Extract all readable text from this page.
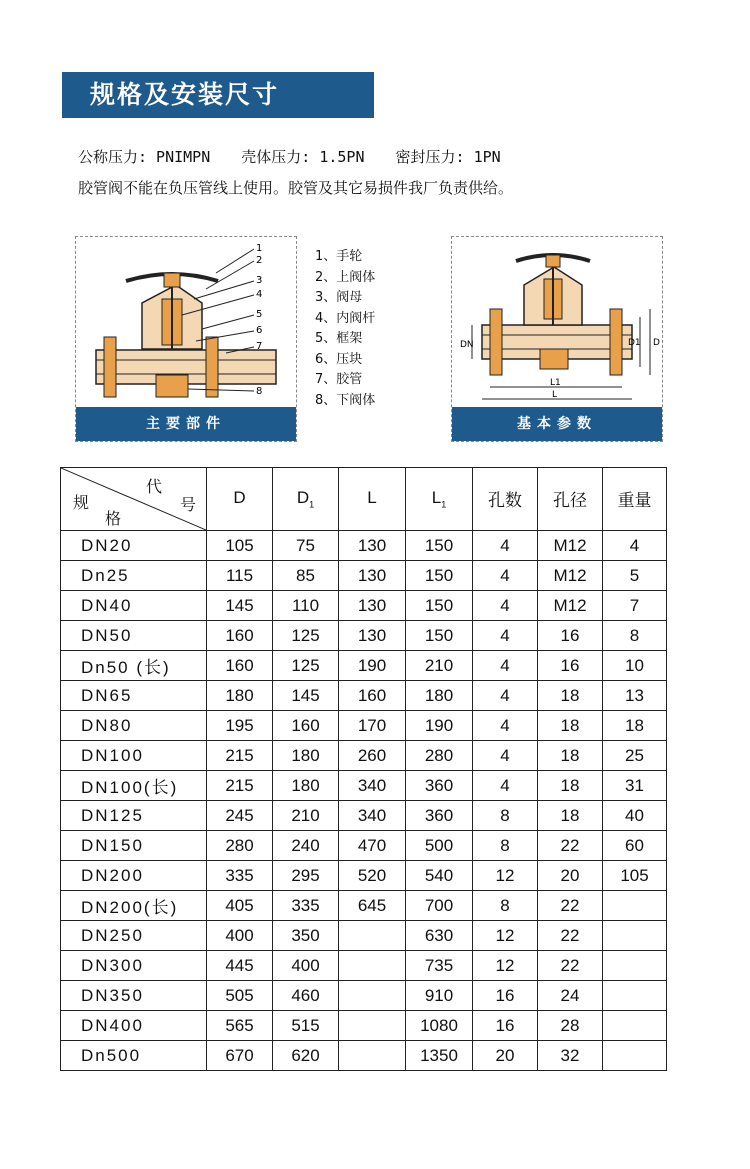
规格及安装尺寸
公称压力: PNIMPN 壳体压力: 1.5PN 密封压力: 1PN
胶管阀不能在负压管线上使用。胶管及其它易损件我厂负责供给。
1
2
3
4
5
6
7
8
主要部件
1、手轮
2、上阀体
3、阀母
4、内阀杆
5、框架
6、压块
7、胶管
8、下阀体
DN	D1 D
L1
L
基本参数
代
号
规
格	D	$D_1$	L	$L_1$	孔数	孔径	重量
DN20	105	75	130	150	4	M12	4
Dn25	115	85	130	150	4	M12	5
DN40	145	110	130	150	4	M12	7
DN50	160	125	130	150	4	16	8
Dn50 (长)	160	125	190	210	4	16	10
DN65	180	145	160	180	4	18	13
DN80	195	160	170	190	4	18	18
DN100	215	180	260	280	4	18	25
DN100(长)	215	180	340	360	4	18	31
DN125	245	210	340	360	8	18	40
DN150	280	240	470	500	8	22	60
DN200	335	295	520	540	12	20	105
DN200(长)	405	335	645	700	8	22	
DN250	400	350		630	12	22	
DN300	445	400		735	12	22	
DN350	505	460		910	16	24	
DN400	565	515		1080	16	28	
Dn500	670	620		1350	20	32	
